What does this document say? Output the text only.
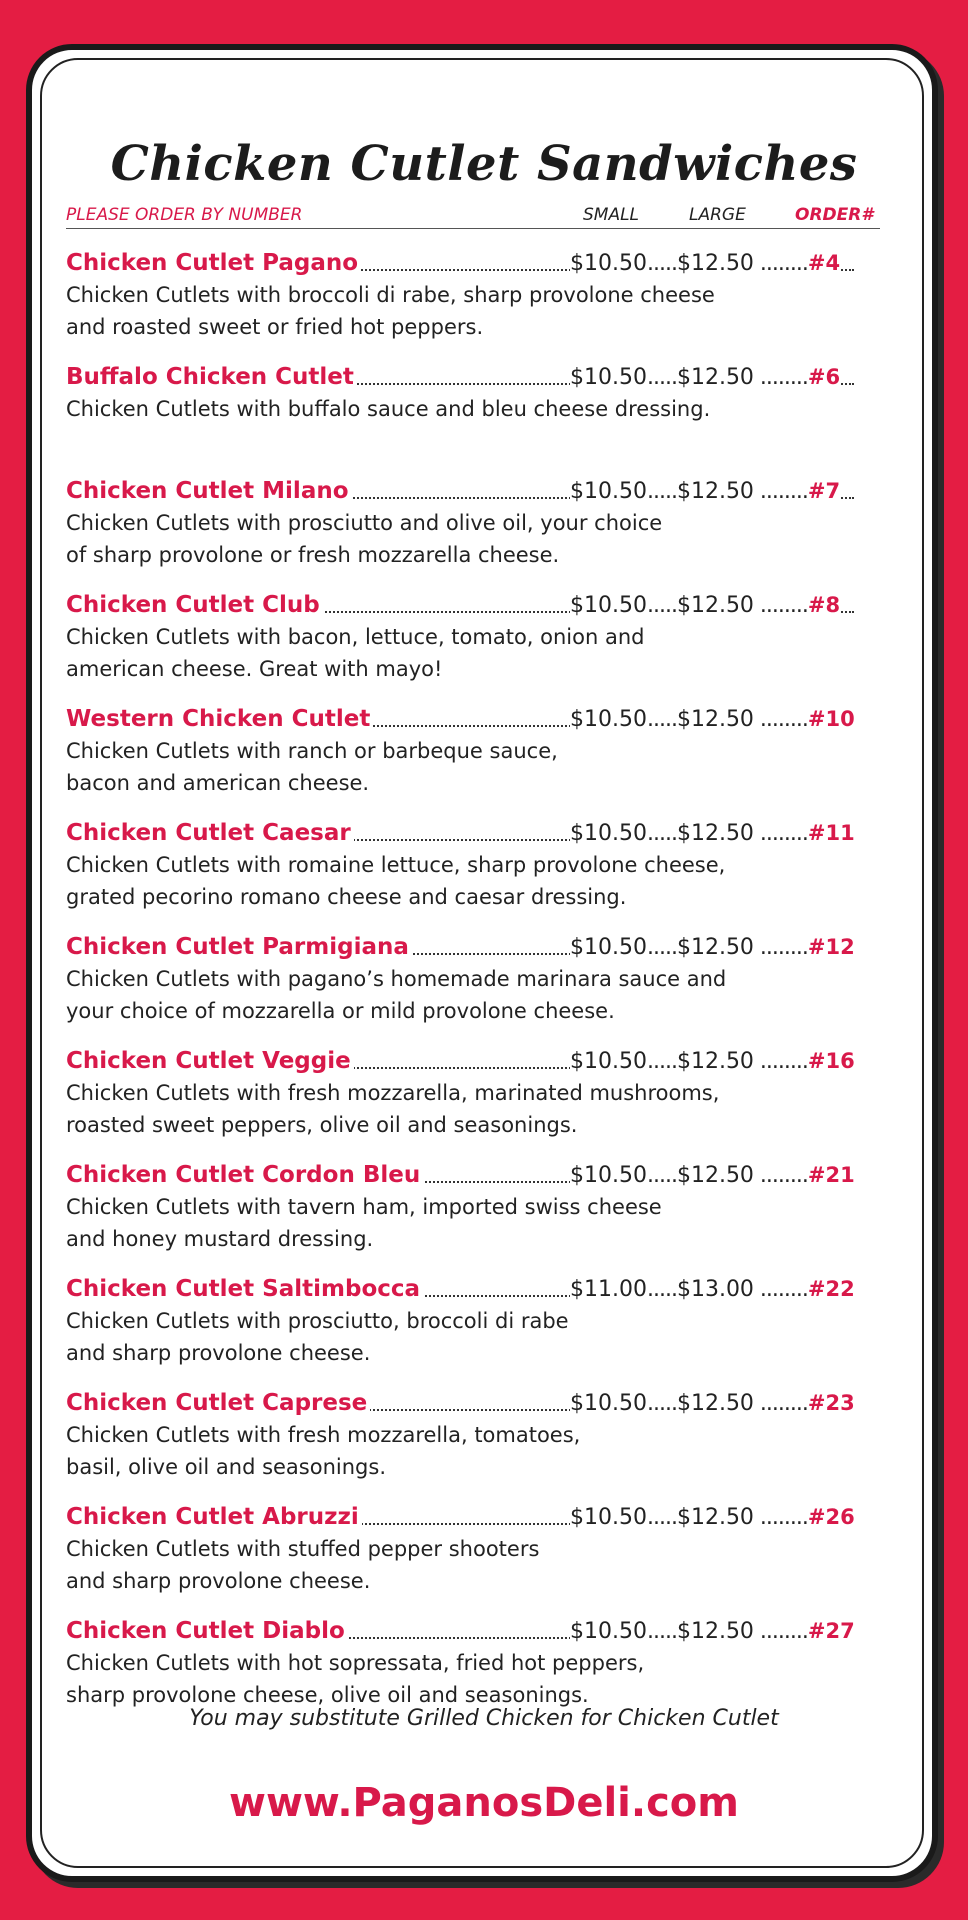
Chicken Cutlet Sandwiches
PLEASE ORDER BY NUMBER	SMALL	LARGE	ORDER#
Chicken Cutlet Pagano	$10.50.....$12.50 ........#4
Chicken Cutlets with broccoli di rabe, sharp provolone cheese
and roasted sweet or fried hot peppers.
Buffalo Chicken Cutlet	$10.50.....$12.50 ........#6
Chicken Cutlets with buffalo sauce and bleu cheese dressing.
Chicken Cutlet Milano	$10.50.....$12.50 ........#7
Chicken Cutlets with prosciutto and olive oil, your choice
of sharp provolone or fresh mozzarella cheese.
Chicken Cutlet Club	$10.50.....$12.50 ........#8
Chicken Cutlets with bacon, lettuce, tomato, onion and
american cheese. Great with mayo!
Western Chicken Cutlet	$10.50.....$12.50 ........#10
Chicken Cutlets with ranch or barbeque sauce,
bacon and american cheese.
Chicken Cutlet Caesar	$10.50.....$12.50 ........#11
Chicken Cutlets with romaine lettuce, sharp provolone cheese,
grated pecorino romano cheese and caesar dressing.
Chicken Cutlet Parmigiana	$10.50.....$12.50 ........#12
Chicken Cutlets with pagano’s homemade marinara sauce and
your choice of mozzarella or mild provolone cheese.
Chicken Cutlet Veggie	$10.50.....$12.50 ........#16
Chicken Cutlets with fresh mozzarella, marinated mushrooms,
roasted sweet peppers, olive oil and seasonings.
Chicken Cutlet Cordon Bleu	$10.50.....$12.50 ........#21
Chicken Cutlets with tavern ham, imported swiss cheese
and honey mustard dressing.
Chicken Cutlet Saltimbocca	$11.00.....$13.00 ........#22
Chicken Cutlets with prosciutto, broccoli di rabe
and sharp provolone cheese.
Chicken Cutlet Caprese	$10.50.....$12.50 ........#23
Chicken Cutlets with fresh mozzarella, tomatoes,
basil, olive oil and seasonings.
Chicken Cutlet Abruzzi	$10.50.....$12.50 ........#26
Chicken Cutlets with stuffed pepper shooters
and sharp provolone cheese.
Chicken Cutlet Diablo	$10.50.....$12.50 ........#27
Chicken Cutlets with hot sopressata, fried hot peppers,
sharp provolone cheese, olive oil and seasonings.
You may substitute Grilled Chicken for Chicken Cutlet
www.PaganosDeli.com
